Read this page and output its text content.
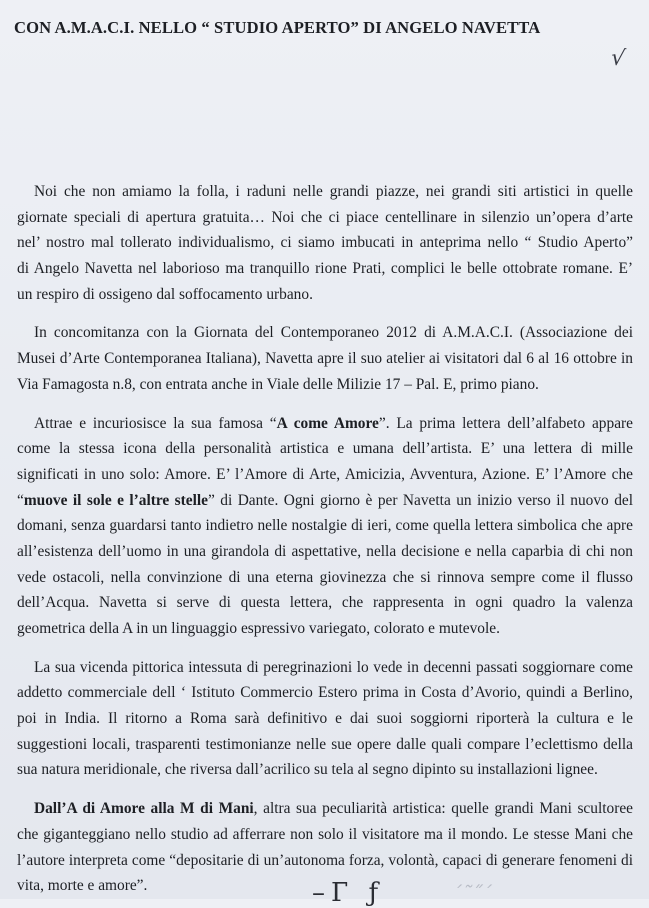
CON A.M.A.C.I. NELLO “ STUDIO APERTO” DI ANGELO NAVETTA
√

Noi che non amiamo la folla, i raduni nelle grandi piazze, nei grandi siti artistici in quelle

giornate speciali di apertura gratuita… Noi che ci piace centellinare in silenzio un’opera d’arte

nel’ nostro mal tollerato individualismo, ci siamo imbucati in anteprima nello “ Studio Aperto”

di Angelo Navetta nel laborioso ma tranquillo rione Prati, complici le belle ottobrate romane. E’

un respiro di ossigeno dal soffocamento urbano.

In concomitanza con la Giornata del Contemporaneo 2012 di A.M.A.C.I. (Associazione dei

Musei d’Arte Contemporanea Italiana), Navetta apre il suo atelier ai visitatori dal 6 al 16 ottobre in

Via Famagosta n.8, con entrata anche in Viale delle Milizie 17 – Pal. E, primo piano.

Attrae e incuriosisce la sua famosa “A come Amore”. La prima lettera dell’alfabeto appare

come la stessa icona della personalità artistica e umana dell’artista. E’ una lettera di mille

significati in uno solo: Amore. E’ l’Amore di Arte, Amicizia, Avventura, Azione. E’ l’Amore che

“muove il sole e l’altre stelle” di Dante. Ogni giorno è per Navetta un inizio verso il nuovo del

domani, senza guardarsi tanto indietro nelle nostalgie di ieri, come quella lettera simbolica che apre

all’esistenza dell’uomo in una girandola di aspettative, nella decisione e nella caparbia di chi non

vede ostacoli, nella convinzione di una eterna giovinezza che si rinnova sempre come il flusso

dell’Acqua. Navetta si serve di questa lettera, che rappresenta in ogni quadro la valenza

geometrica della A in un linguaggio espressivo variegato, colorato e mutevole.

La sua vicenda pittorica intessuta di peregrinazioni lo vede in decenni passati soggiornare come

addetto commerciale dell ‘ Istituto Commercio Estero prima in Costa d’Avorio, quindi a Berlino,

poi in India. Il ritorno a Roma sarà definitivo e dai suoi soggiorni riporterà la cultura e le

suggestioni locali, trasparenti testimonianze nelle sue opere dalle quali compare l’eclettismo della

sua natura meridionale, che riversa dall’acrilico su tela al segno dipinto su installazioni lignee.

Dall’A di Amore alla M di Mani, altra sua peculiarità artistica: quelle grandi Mani scultoree

che giganteggiano nello studio ad afferrare non solo il visitatore ma il mondo. Le stesse Mani che

l’autore interpreta come “depositarie di un’autonoma forza, volontà, capaci di generare fenomeni di

vita, morte e amore”.	–Г ƒ	´˜˝´
